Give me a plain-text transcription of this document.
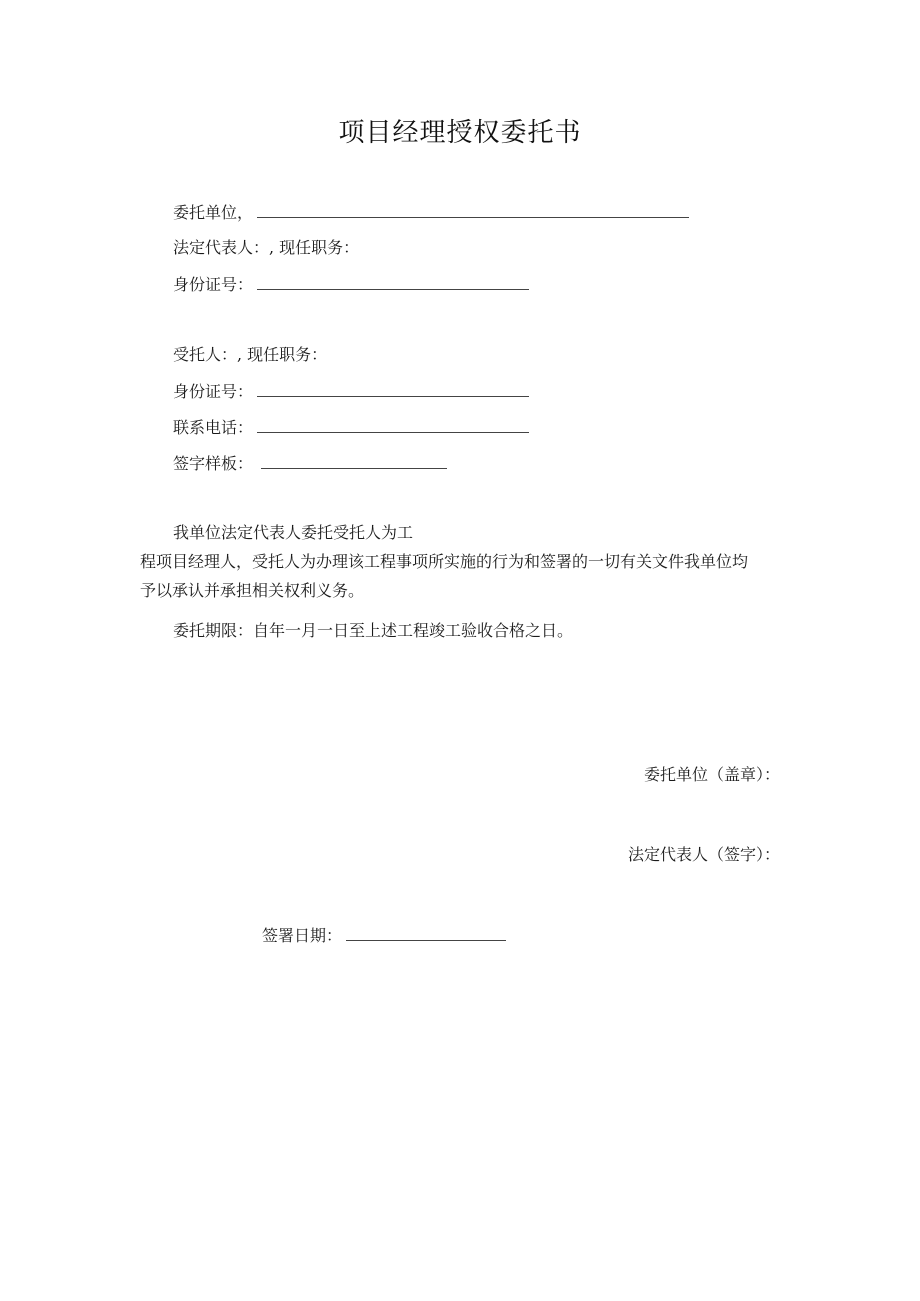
项目经理授权委托书
委托单位，
法定代表人：, 现任职务：
身份证号：
受托人：, 现任职务：
身份证号：
联系电话：
签字样板：
我单位法定代表人委托受托人为工
程项目经理人，受托人为办理该工程事项所实施的行为和签署的一切有关文件我单位均
予以承认并承担相关权利义务。
委托期限：自年一月一日至上述工程竣工验收合格之日。
委托单位（盖章）：
法定代表人（签字）：
签署日期：
